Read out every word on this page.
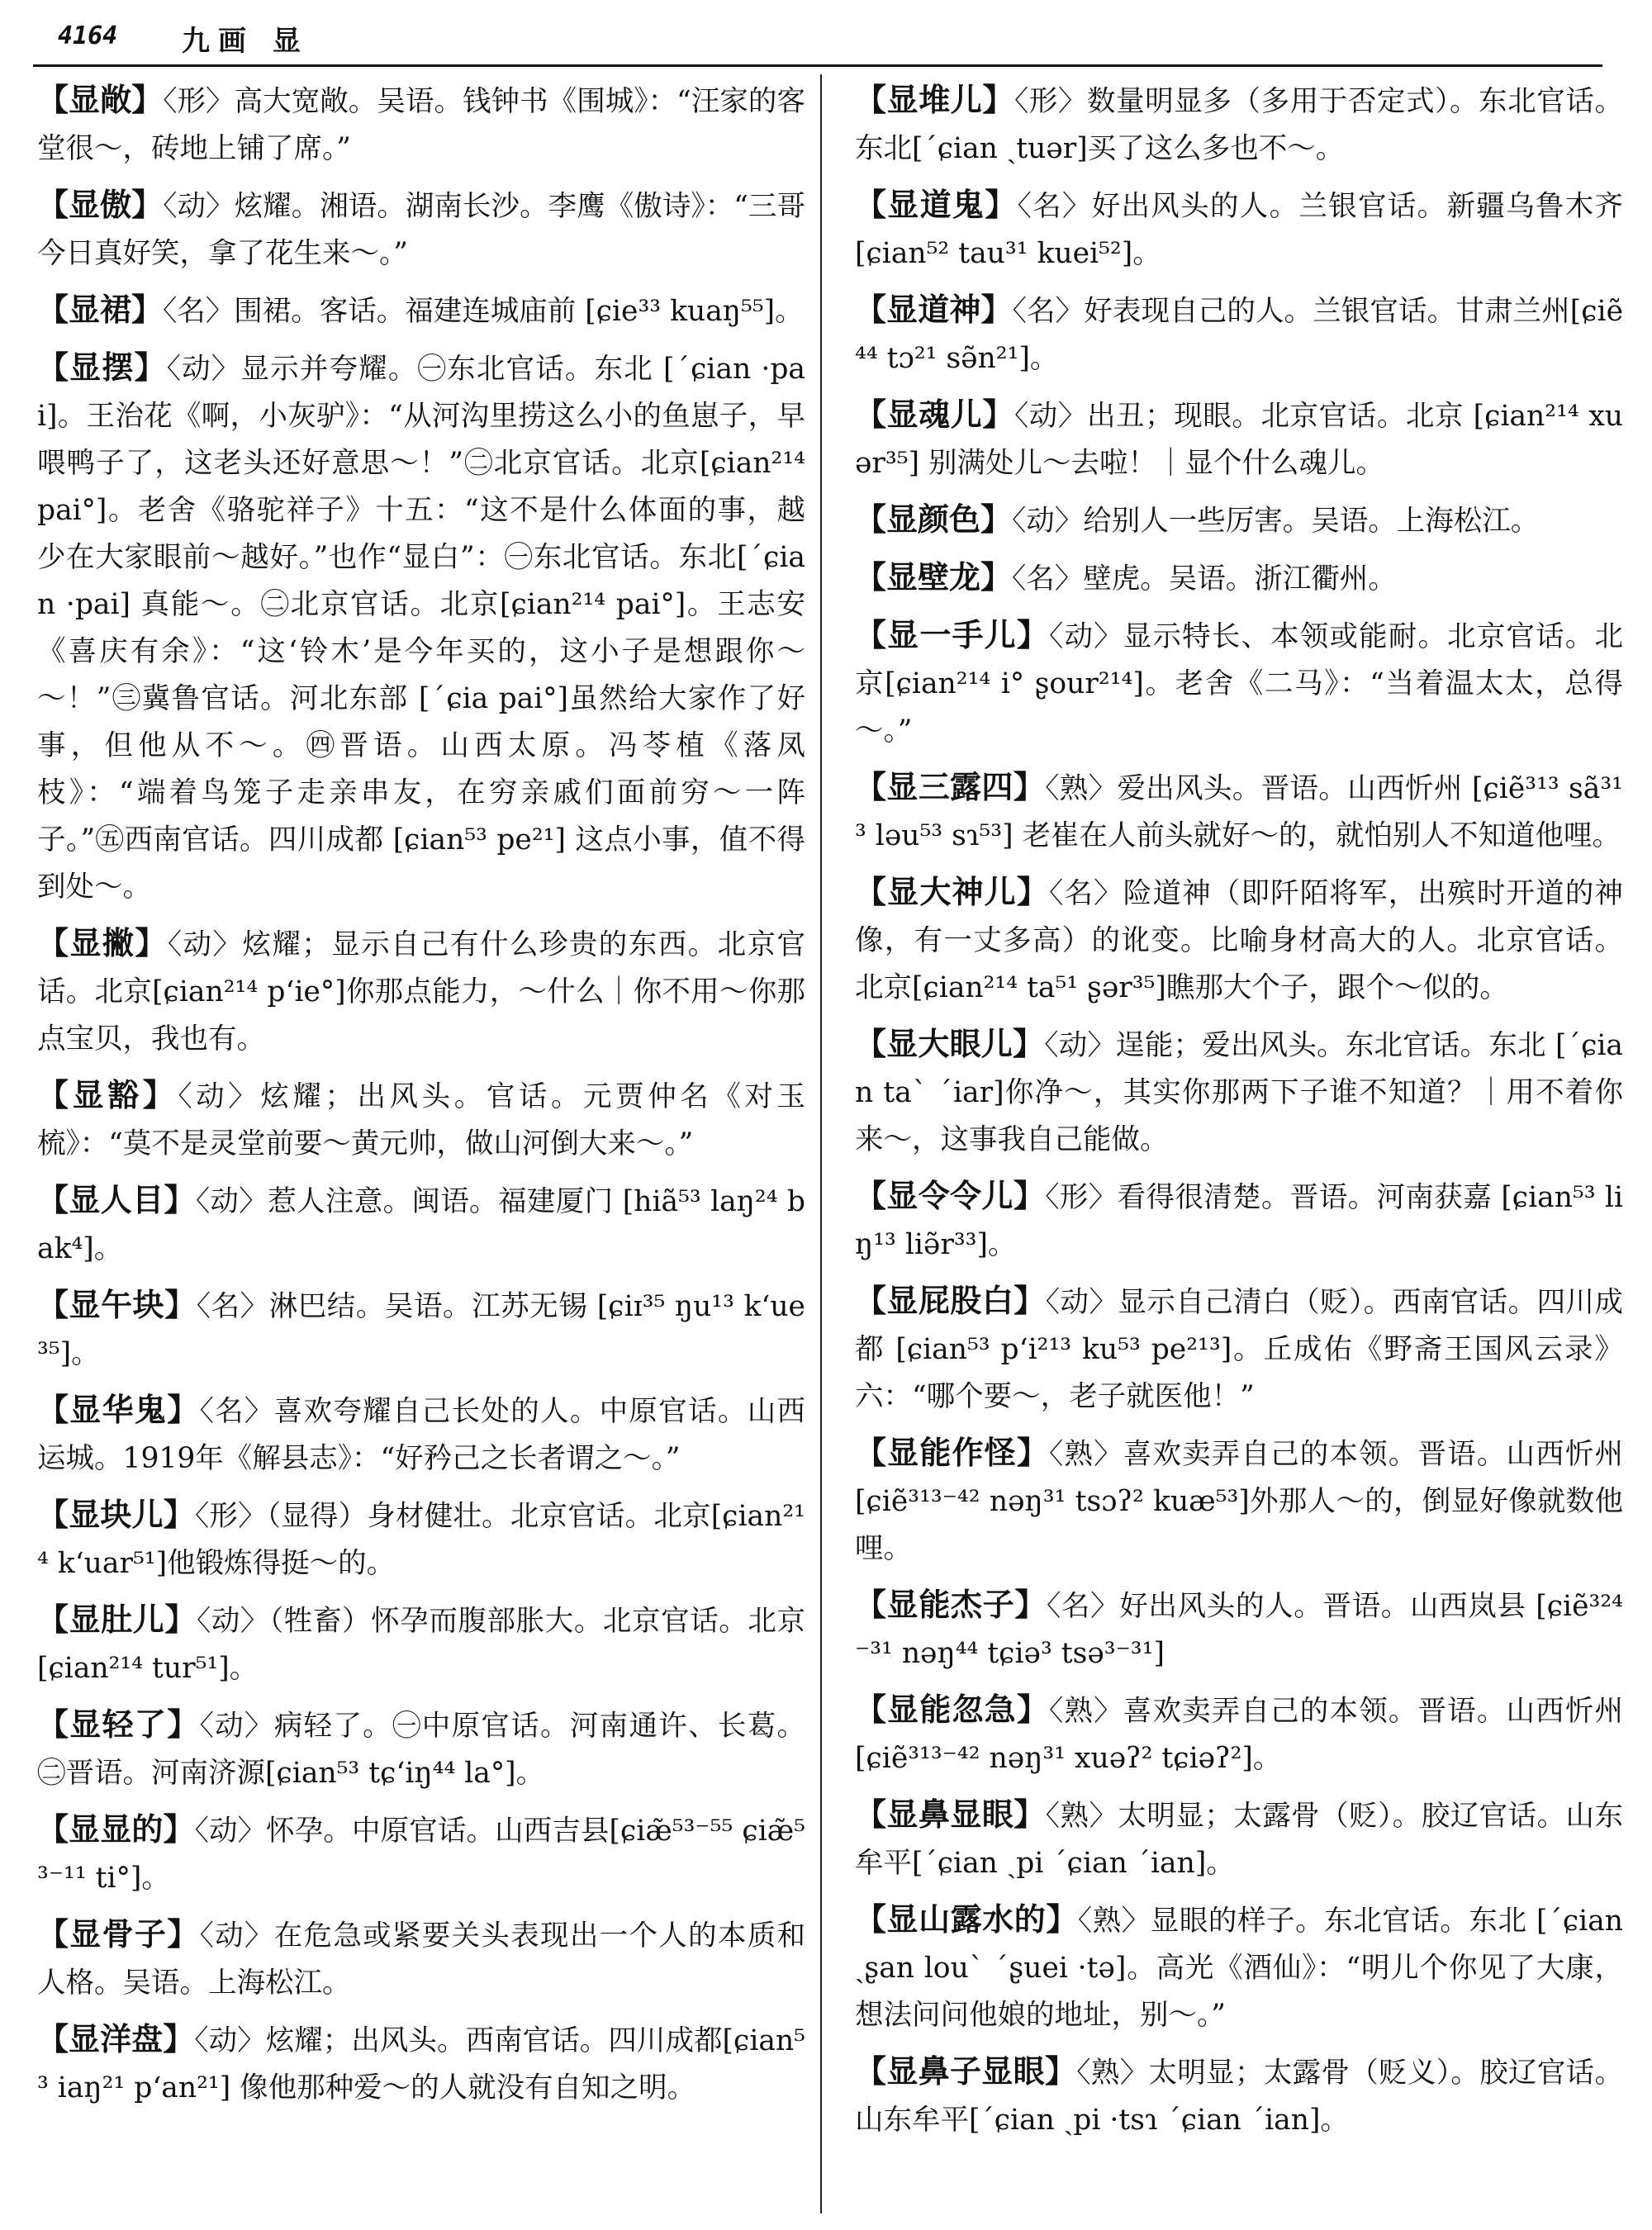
4164 九画 显

【显敞】〈形〉高大宽敞。吴语。钱钟书《围城》：“汪家的客堂很～，砖地上铺了席。”

【显傲】〈动〉炫耀。湘语。湖南长沙。李鹰《傲诗》：“三哥今日真好笑，拿了花生来～。”

【显裙】〈名〉围裙。客话。福建连城庙前 [ɕie³³ kuaŋ⁵⁵]。

【显摆】〈动〉显示并夸耀。㊀东北官话。东北 [ˊɕian ·pai]。王治花《啊，小灰驴》：“从河沟里捞这么小的鱼崽子，早喂鸭子了，这老头还好意思～！”㊁北京官话。北京[ɕian²¹⁴ pai°]。老舍《骆驼祥子》十五：“这不是什么体面的事，越少在大家眼前～越好。”也作“显白”：㊀东北官话。东北[ˊɕian ·pai] 真能～。㊁北京官话。北京[ɕian²¹⁴ pai°]。王志安《喜庆有余》：“这‘铃木’是今年买的，这小子是想跟你～～！”㊂冀鲁官话。河北东部 [ˊɕia pai°]虽然给大家作了好事，但他从不～。㊃晋语。山西太原。冯苓植《落凤枝》：“端着鸟笼子走亲串友，在穷亲戚们面前穷～一阵子。”㊄西南官话。四川成都 [ɕian⁵³ pe²¹] 这点小事，值不得到处～。

【显撇】〈动〉炫耀；显示自己有什么珍贵的东西。北京官话。北京[ɕian²¹⁴ pʻie°]你那点能力，～什么｜你不用～你那点宝贝，我也有。

【显豁】〈动〉炫耀；出风头。官话。元贾仲名《对玉梳》：“莫不是灵堂前要～黄元帅，做山河倒大来～。”

【显人目】〈动〉惹人注意。闽语。福建厦门 [hiã⁵³ laŋ²⁴ bak⁴]。

【显午块】〈名〉淋巴结。吴语。江苏无锡 [ɕiɪ³⁵ ŋu¹³ kʻue³⁵]。

【显华鬼】〈名〉喜欢夸耀自己长处的人。中原官话。山西运城。1919年《解县志》：“好矜己之长者谓之～。”

【显块儿】〈形〉（显得）身材健壮。北京官话。北京[ɕian²¹⁴ kʻuar⁵¹]他锻炼得挺～的。

【显肚儿】〈动〉（牲畜）怀孕而腹部胀大。北京官话。北京[ɕian²¹⁴ tur⁵¹]。

【显轻了】〈动〉病轻了。㊀中原官话。河南通许、长葛。㊁晋语。河南济源[ɕian⁵³ tɕʻiŋ⁴⁴ la°]。

【显显的】〈动〉怀孕。中原官话。山西吉县[ɕiæ̃⁵³⁻⁵⁵ ɕiæ̃⁵³⁻¹¹ ti°]。

【显骨子】〈动〉在危急或紧要关头表现出一个人的本质和人格。吴语。上海松江。

【显洋盘】〈动〉炫耀；出风头。西南官话。四川成都[ɕian⁵³ iaŋ²¹ pʻan²¹] 像他那种爱～的人就没有自知之明。

【显堆儿】〈形〉数量明显多（多用于否定式）。东北官话。东北[ˊɕian ˏtuər]买了这么多也不～。

【显道鬼】〈名〉好出风头的人。兰银官话。新疆乌鲁木齐[ɕian⁵² tau³¹ kuei⁵²]。

【显道神】〈名〉好表现自己的人。兰银官话。甘肃兰州[ɕiẽ⁴⁴ tɔ²¹ sə̃n²¹]。

【显魂儿】〈动〉出丑；现眼。北京官话。北京 [ɕian²¹⁴ xuər³⁵] 别满处儿～去啦！｜显个什么魂儿。

【显颜色】〈动〉给别人一些厉害。吴语。上海松江。

【显壁龙】〈名〉壁虎。吴语。浙江衢州。

【显一手儿】〈动〉显示特长、本领或能耐。北京官话。北京[ɕian²¹⁴ i° ʂour²¹⁴]。老舍《二马》：“当着温太太，总得～。”

【显三露四】〈熟〉爱出风头。晋语。山西忻州 [ɕiẽ³¹³ sã³¹³ ləu⁵³ sɿ⁵³] 老崔在人前头就好～的，就怕别人不知道他哩。

【显大神儿】〈名〉险道神（即阡陌将军，出殡时开道的神像，有一丈多高）的讹变。比喻身材高大的人。北京官话。北京[ɕian²¹⁴ ta⁵¹ ʂər³⁵]瞧那大个子，跟个～似的。

【显大眼儿】〈动〉逞能；爱出风头。东北官话。东北 [ˊɕian taˋ ˊiar]你净～，其实你那两下子谁不知道？｜用不着你来～，这事我自己能做。

【显令令儿】〈形〉看得很清楚。晋语。河南获嘉 [ɕian⁵³ liŋ¹³ liə̃r³³]。

【显屁股白】〈动〉显示自己清白（贬）。西南官话。四川成都 [ɕian⁵³ pʻi²¹³ ku⁵³ pe²¹³]。丘成佑《野斋王国风云录》六：“哪个要～，老子就医他！”

【显能作怪】〈熟〉喜欢卖弄自己的本领。晋语。山西忻州[ɕiẽ³¹³⁻⁴² nəŋ³¹ tsɔʔ² kuæ⁵³]外那人～的，倒显好像就数他哩。

【显能杰子】〈名〉好出风头的人。晋语。山西岚县 [ɕiẽ³²⁴⁻³¹ nəŋ⁴⁴ tɕiə³ tsə³⁻³¹]

【显能忽急】〈熟〉喜欢卖弄自己的本领。晋语。山西忻州[ɕiẽ³¹³⁻⁴² nəŋ³¹ xuəʔ² tɕiəʔ²]。

【显鼻显眼】〈熟〉太明显；太露骨（贬）。胶辽官话。山东牟平[ˊɕian ˏpi ˊɕian ˊian]。

【显山露水的】〈熟〉显眼的样子。东北官话。东北 [ˊɕian ˏʂan louˋ ˊʂuei ·tə]。高光《酒仙》：“明儿个你见了大康，想法问问他娘的地址，别～。”

【显鼻子显眼】〈熟〉太明显；太露骨（贬义）。胶辽官话。山东牟平[ˊɕian ˏpi ·tsɿ ˊɕian ˊian]。
